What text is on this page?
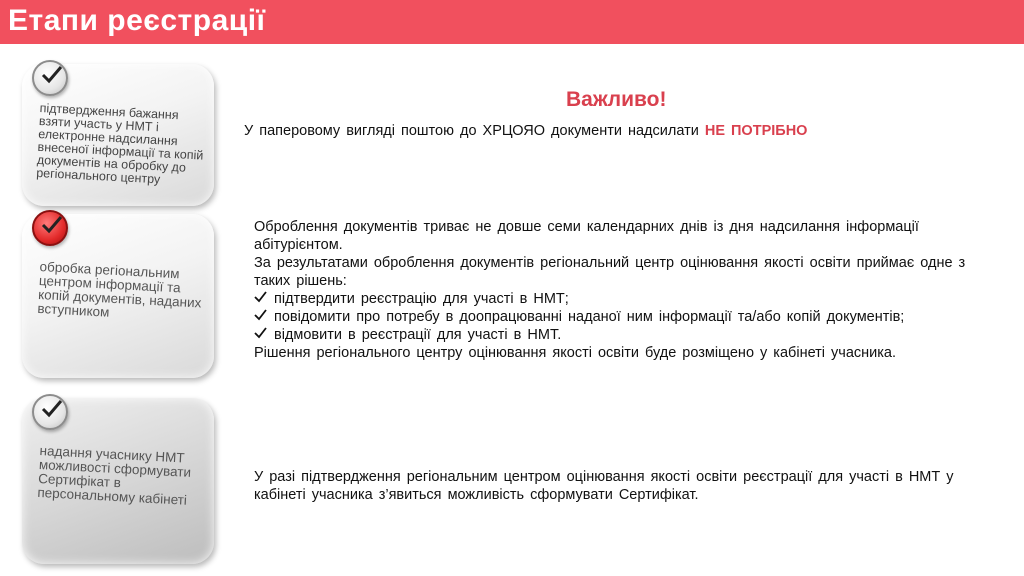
Етапи реєстрації
підтвердження бажання взяти участь у НМТ і електронне надсилання внесеної інформації та копій документів на обробку до регіонального центру
обробка регіональним центром інформації та копій документів, наданих вступником
надання учаснику НМТ можливості сформувати Сертифікат в персональному кабінеті
Важливо!
У паперовому вигляді поштою до ХРЦОЯО документи надсилати НЕ ПОТРІБНО
Оброблення документів триває не довше семи календарних днів із дня надсилання інформації абітурієнтом.
За результатами оброблення документів регіональний центр оцінювання якості освіти приймає одне з таких рішень:
підтвердити реєстрацію для участі в НМТ;
повідомити про потребу в доопрацюванні наданої ним інформації та/або копій документів;
відмовити в реєстрації для участі в НМТ.
Рішення регіонального центру оцінювання якості освіти буде розміщено у кабінеті учасника.
У разі підтвердження регіональним центром оцінювання якості освіти реєстрації для участі в НМТ у кабінеті учасника з’явиться можливість сформувати Сертифікат.
